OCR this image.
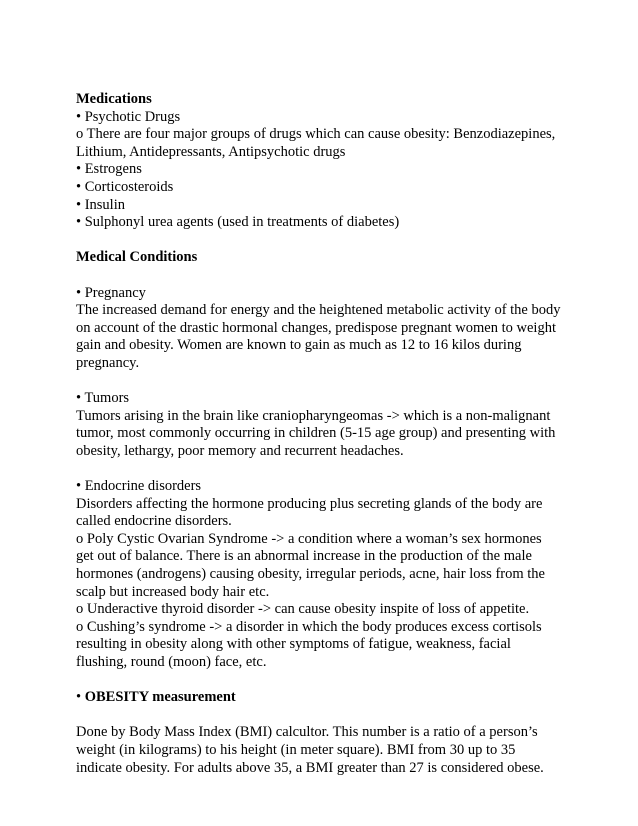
Medications
• Psychotic Drugs
o There are four major groups of drugs which can cause obesity: Benzodiazepines,
Lithium, Antidepressants, Antipsychotic drugs
• Estrogens
• Corticosteroids
• Insulin
• Sulphonyl urea agents (used in treatments of diabetes)
Medical Conditions
• Pregnancy
The increased demand for energy and the heightened metabolic activity of the body
on account of the drastic hormonal changes, predispose pregnant women to weight
gain and obesity. Women are known to gain as much as 12 to 16 kilos during
pregnancy.
• Tumors
Tumors arising in the brain like craniopharyngeomas -> which is a non-malignant
tumor, most commonly occurring in children (5-15 age group) and presenting with
obesity, lethargy, poor memory and recurrent headaches.
• Endocrine disorders
Disorders affecting the hormone producing plus secreting glands of the body are
called endocrine disorders.
o Poly Cystic Ovarian Syndrome -> a condition where a woman’s sex hormones
get out of balance. There is an abnormal increase in the production of the male
hormones (androgens) causing obesity, irregular periods, acne, hair loss from the
scalp but increased body hair etc.
o Underactive thyroid disorder -> can cause obesity inspite of loss of appetite.
o Cushing’s syndrome -> a disorder in which the body produces excess cortisols
resulting in obesity along with other symptoms of fatigue, weakness, facial
flushing, round (moon) face, etc.
• OBESITY measurement
Done by Body Mass Index (BMI) calcultor. This number is a ratio of a person’s
weight (in kilograms) to his height (in meter square). BMI from 30 up to 35
indicate obesity. For adults above 35, a BMI greater than 27 is considered obese.
